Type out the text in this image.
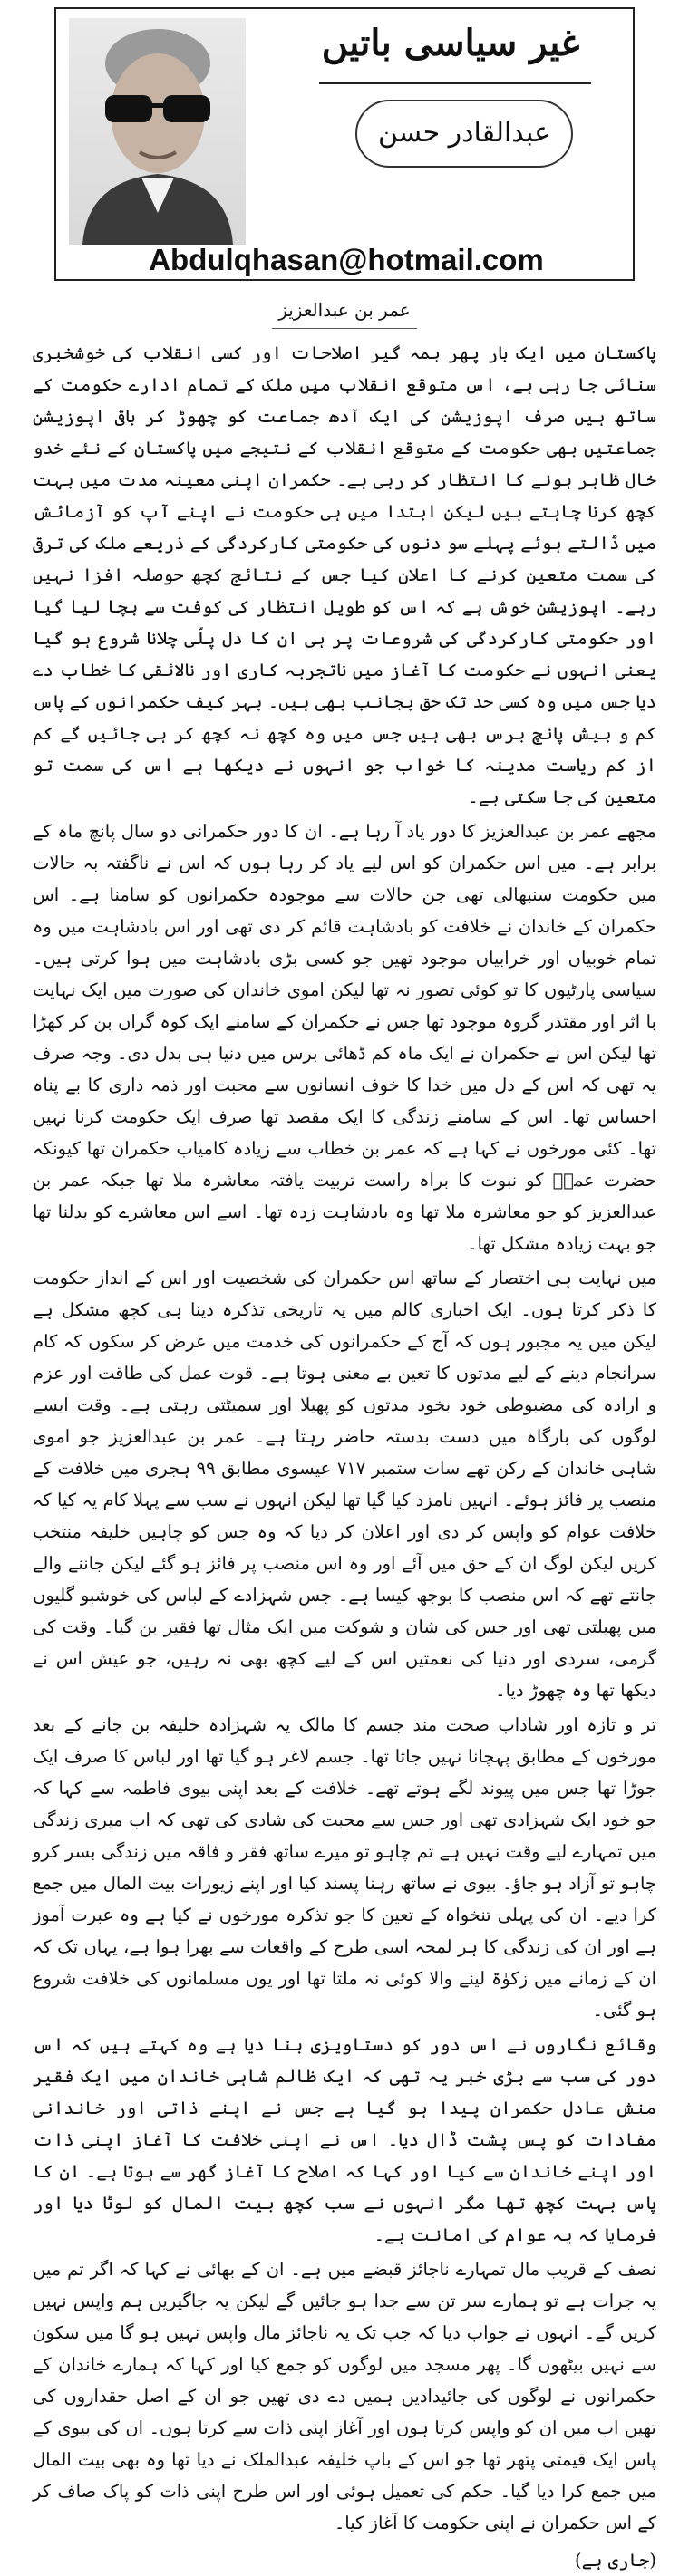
غیر سیاسی باتیں
عبدالقادر حسن
Abdulqhasan@hotmail.com
عمر بن عبدالعزیز

پاکستان میں ایک بار پھر ہمہ گیر اصلاحات اور کسی انقلاب کی خوشخبری سنائی جا رہی ہے، اس متوقع انقلاب میں ملک کے تمام ادارے حکومت کے ساتھ ہیں صرف اپوزیشن کی ایک آدھ جماعت کو چھوڑ کر باقی اپوزیشن جماعتیں بھی حکومت کے متوقع انقلاب کے نتیجے میں پاکستان کے نئے خدو خال ظاہر ہونے کا انتظار کر رہی ہے۔ حکمران اپنی معینہ مدت میں بہت کچھ کرنا چاہتے ہیں لیکن ابتدا میں ہی حکومت نے اپنے آپ کو آزمائش میں ڈالتے ہوئے پہلے سو دنوں کی حکومتی کارکردگی کے ذریعے ملک کی ترقی کی سمت متعین کرنے کا اعلان کیا جس کے نتائج کچھ حوصلہ افزا نہیں رہے۔ اپوزیشن خوش ہے کہ اس کو طویل انتظار کی کوفت سے بچا لیا گیا اور حکومتی کارکردگی کی شروعات پر ہی ان کا دل پلّی چلانا شروع ہو گیا یعنی انہوں نے حکومت کا آغاز میں ناتجربہ کاری اور نالائقی کا خطاب دے دیا جس میں وہ کسی حد تک حق بجانب بھی ہیں۔ بہر کیف حکمرانوں کے پاس کم و بیش پانچ برس بھی ہیں جس میں وہ کچھ نہ کچھ کر ہی جائیں گے کم از کم ریاست مدینہ کا خواب جو انہوں نے دیکھا ہے اس کی سمت تو متعین کی جا سکتی ہے۔

مجھے عمر بن عبدالعزیز کا دور یاد آ رہا ہے۔ ان کا دور حکمرانی دو سال پانچ ماہ کے برابر ہے۔ میں اس حکمران کو اس لیے یاد کر رہا ہوں کہ اس نے ناگفتہ بہ حالات میں حکومت سنبھالی تھی جن حالات سے موجودہ حکمرانوں کو سامنا ہے۔ اس حکمران کے خاندان نے خلافت کو بادشاہت قائم کر دی تھی اور اس بادشاہت میں وہ تمام خوبیاں اور خرابیاں موجود تھیں جو کسی بڑی بادشاہت میں ہوا کرتی ہیں۔ سیاسی پارٹیوں کا تو کوئی تصور نہ تھا لیکن اموی خاندان کی صورت میں ایک نہایت با اثر اور مقتدر گروہ موجود تھا جس نے حکمران کے سامنے ایک کوہ گراں بن کر کھڑا تھا لیکن اس نے حکمران نے ایک ماہ کم ڈھائی برس میں دنیا ہی بدل دی۔ وجہ صرف یہ تھی کہ اس کے دل میں خدا کا خوف انسانوں سے محبت اور ذمہ داری کا بے پناہ احساس تھا۔ اس کے سامنے زندگی کا ایک مقصد تھا صرف ایک حکومت کرنا نہیں تھا۔ کئی مورخوں نے کہا ہے کہ عمر بن خطاب سے زیادہ کامیاب حکمران تھا کیونکہ حضرت عمرؓ کو نبوت کا براہ راست تربیت یافتہ معاشرہ ملا تھا جبکہ عمر بن عبدالعزیز کو جو معاشرہ ملا تھا وہ بادشاہت زدہ تھا۔ اسے اس معاشرے کو بدلنا تھا جو بہت زیادہ مشکل تھا۔

میں نہایت ہی اختصار کے ساتھ اس حکمران کی شخصیت اور اس کے انداز حکومت کا ذکر کرتا ہوں۔ ایک اخباری کالم میں یہ تاریخی تذکرہ دینا ہی کچھ مشکل ہے لیکن میں یہ مجبور ہوں کہ آج کے حکمرانوں کی خدمت میں عرض کر سکوں کہ کام سرانجام دینے کے لیے مدتوں کا تعین بے معنی ہوتا ہے۔ قوت عمل کی طاقت اور عزم و ارادہ کی مضبوطی خود بخود مدتوں کو پھیلا اور سمیٹتی رہتی ہے۔ وقت ایسے لوگوں کی بارگاہ میں دست بدستہ حاضر رہتا ہے۔ عمر بن عبدالعزیز جو اموی شاہی خاندان کے رکن تھے سات ستمبر ۷۱۷ عیسوی مطابق ۹۹ ہجری میں خلافت کے منصب پر فائز ہوئے۔ انہیں نامزد کیا گیا تھا لیکن انہوں نے سب سے پہلا کام یہ کیا کہ خلافت عوام کو واپس کر دی اور اعلان کر دیا کہ وہ جس کو چاہیں خلیفہ منتخب کریں لیکن لوگ ان کے حق میں آئے اور وہ اس منصب پر فائز ہو گئے لیکن جاننے والے جانتے تھے کہ اس منصب کا بوجھ کیسا ہے۔ جس شہزادے کے لباس کی خوشبو گلیوں میں پھیلتی تھی اور جس کی شان و شوکت میں ایک مثال تھا فقیر بن گیا۔ وقت کی گرمی، سردی اور دنیا کی نعمتیں اس کے لیے کچھ بھی نہ رہیں، جو عیش اس نے دیکھا تھا وہ چھوڑ دیا۔

تر و تازہ اور شاداب صحت مند جسم کا مالک یہ شہزادہ خلیفہ بن جانے کے بعد مورخوں کے مطابق پہچانا نہیں جاتا تھا۔ جسم لاغر ہو گیا تھا اور لباس کا صرف ایک جوڑا تھا جس میں پیوند لگے ہوتے تھے۔ خلافت کے بعد اپنی بیوی فاطمہ سے کہا کہ جو خود ایک شہزادی تھی اور جس سے محبت کی شادی کی تھی کہ اب میری زندگی میں تمہارے لیے وقت نہیں ہے تم چاہو تو میرے ساتھ فقر و فاقہ میں زندگی بسر کرو چاہو تو آزاد ہو جاؤ۔ بیوی نے ساتھ رہنا پسند کیا اور اپنے زیورات بیت المال میں جمع کرا دیے۔ ان کی پہلی تنخواہ کے تعین کا جو تذکرہ مورخوں نے کیا ہے وہ عبرت آموز ہے اور ان کی زندگی کا ہر لمحہ اسی طرح کے واقعات سے بھرا ہوا ہے، یہاں تک کہ ان کے زمانے میں زکوٰۃ لینے والا کوئی نہ ملتا تھا اور یوں مسلمانوں کی خلافت شروع ہو گئی۔

وقائع نگاروں نے اس دور کو دستاویزی بنا دیا ہے وہ کہتے ہیں کہ اس دور کی سب سے بڑی خبر یہ تھی کہ ایک ظالم شاہی خاندان میں ایک فقیر منش عادل حکمران پیدا ہو گیا ہے جس نے اپنے ذاتی اور خاندانی مفادات کو پس پشت ڈال دیا۔ اس نے اپنی خلافت کا آغاز اپنی ذات اور اپنے خاندان سے کیا اور کہا کہ اصلاح کا آغاز گھر سے ہوتا ہے۔ ان کا پاس بہت کچھ تھا مگر انہوں نے سب کچھ بیت المال کو لوٹا دیا اور فرمایا کہ یہ عوام کی امانت ہے۔

نصف کے قریب مال تمہارے ناجائز قبضے میں ہے۔ ان کے بھائی نے کہا کہ اگر تم میں یہ جرات ہے تو ہمارے سر تن سے جدا ہو جائیں گے لیکن یہ جاگیریں ہم واپس نہیں کریں گے۔ انہوں نے جواب دیا کہ جب تک یہ ناجائز مال واپس نہیں ہو گا میں سکون سے نہیں بیٹھوں گا۔ پھر مسجد میں لوگوں کو جمع کیا اور کہا کہ ہمارے خاندان کے حکمرانوں نے لوگوں کی جائیدادیں ہمیں دے دی تھیں جو ان کے اصل حقداروں کی تھیں اب میں ان کو واپس کرتا ہوں اور آغاز اپنی ذات سے کرتا ہوں۔ ان کی بیوی کے پاس ایک قیمتی پتھر تھا جو اس کے باپ خلیفہ عبدالملک نے دیا تھا وہ بھی بیت المال میں جمع کرا دیا گیا۔ حکم کی تعمیل ہوئی اور اس طرح اپنی ذات کو پاک صاف کر کے اس حکمران نے اپنی حکومت کا آغاز کیا۔

(جاری ہے)
